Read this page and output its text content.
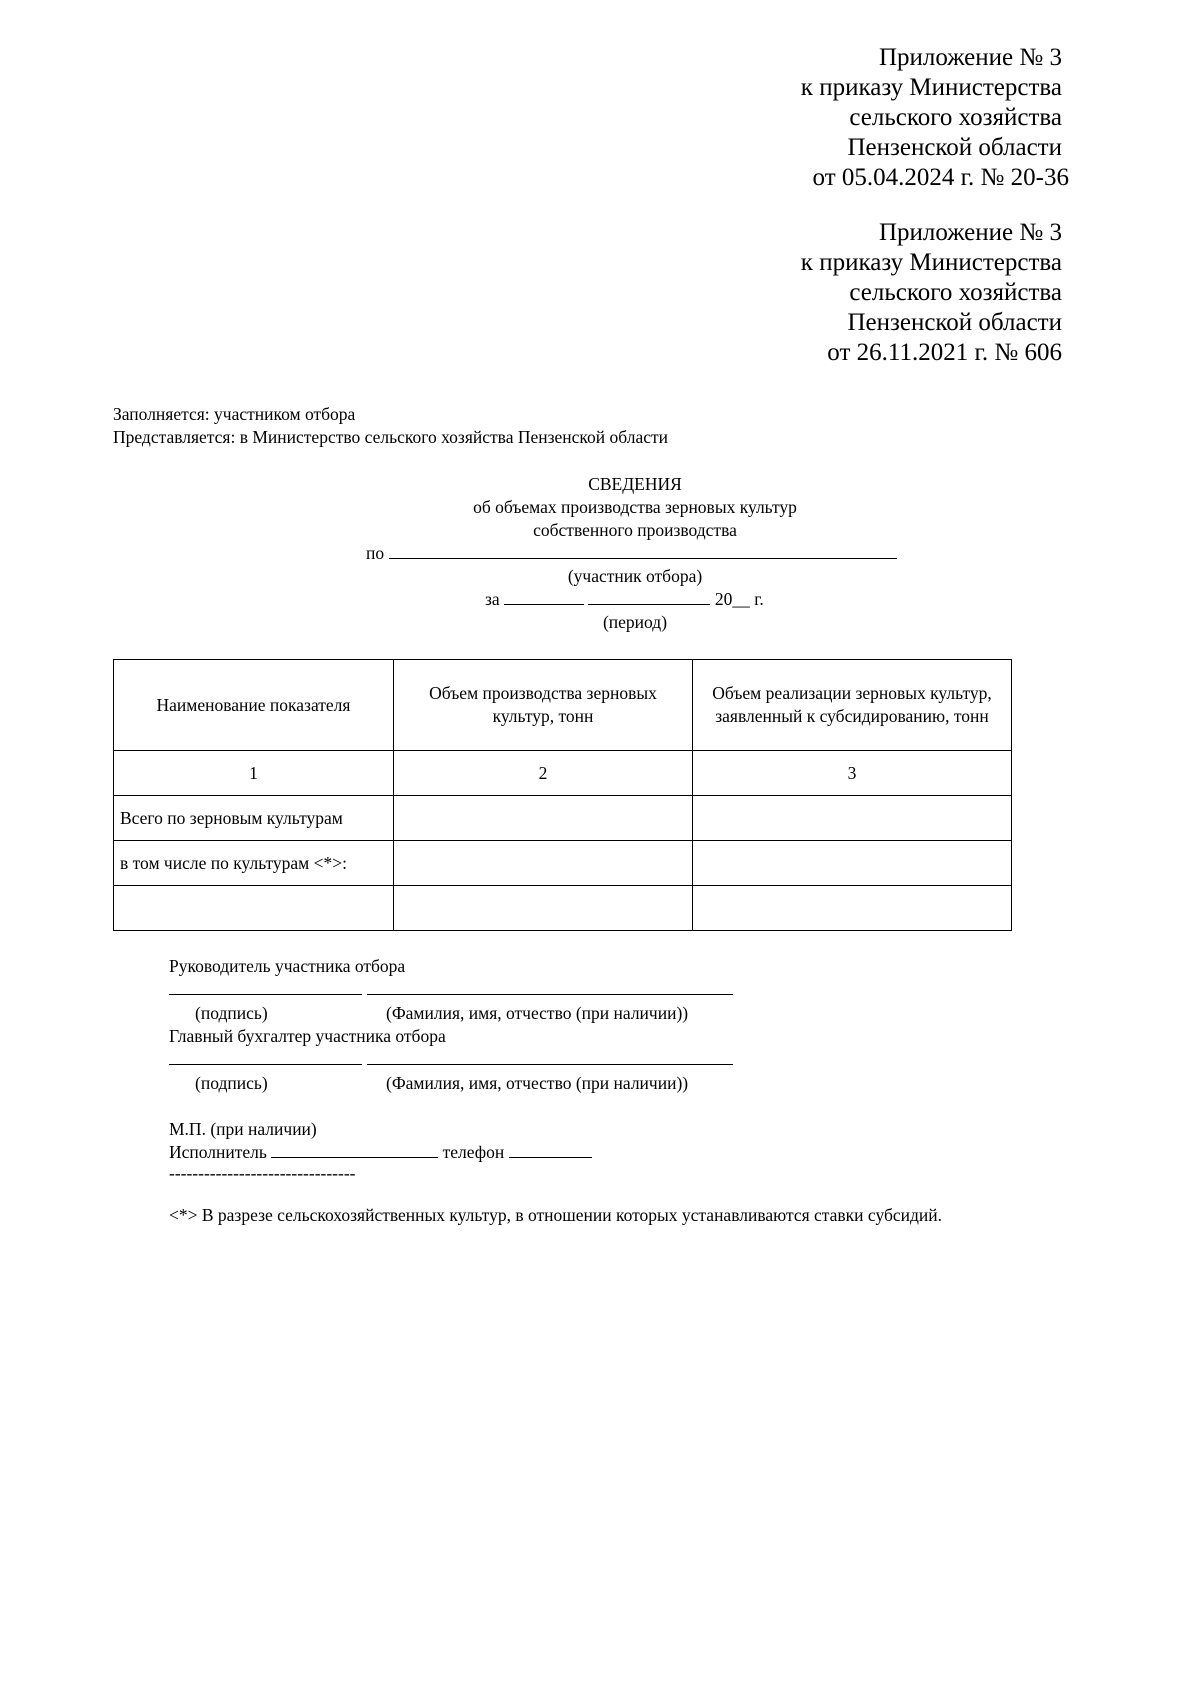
Приложение № 3
к приказу Министерства
сельского хозяйства
Пензенской области
от 05.04.2024 г. № 20-36
Приложение № 3
к приказу Министерства
сельского хозяйства
Пензенской области
от 26.11.2021 г. № 606
Заполняется: участником отбора
Представляется: в Министерство сельского хозяйства Пензенской области
СВЕДЕНИЯ
об объемах производства зерновых культур
собственного производства
по
(участник отбора)
за	20__ г.
(период)
Наименование показателя	Объем производства зерновых культур, тонн	Объем реализации зерновых культур, заявленный к субсидированию, тонн
1	2	3
Всего по зерновым культурам		
в том числе по культурам <*>:		

Руководитель участника отбора
(подпись)	(Фамилия, имя, отчество (при наличии))
Главный бухгалтер участника отбора
(подпись)	(Фамилия, имя, отчество (при наличии))
М.П. (при наличии)
Исполнитель	телефон
--------------------------------
<*> В разрезе сельскохозяйственных культур, в отношении которых устанавливаются ставки субсидий.
